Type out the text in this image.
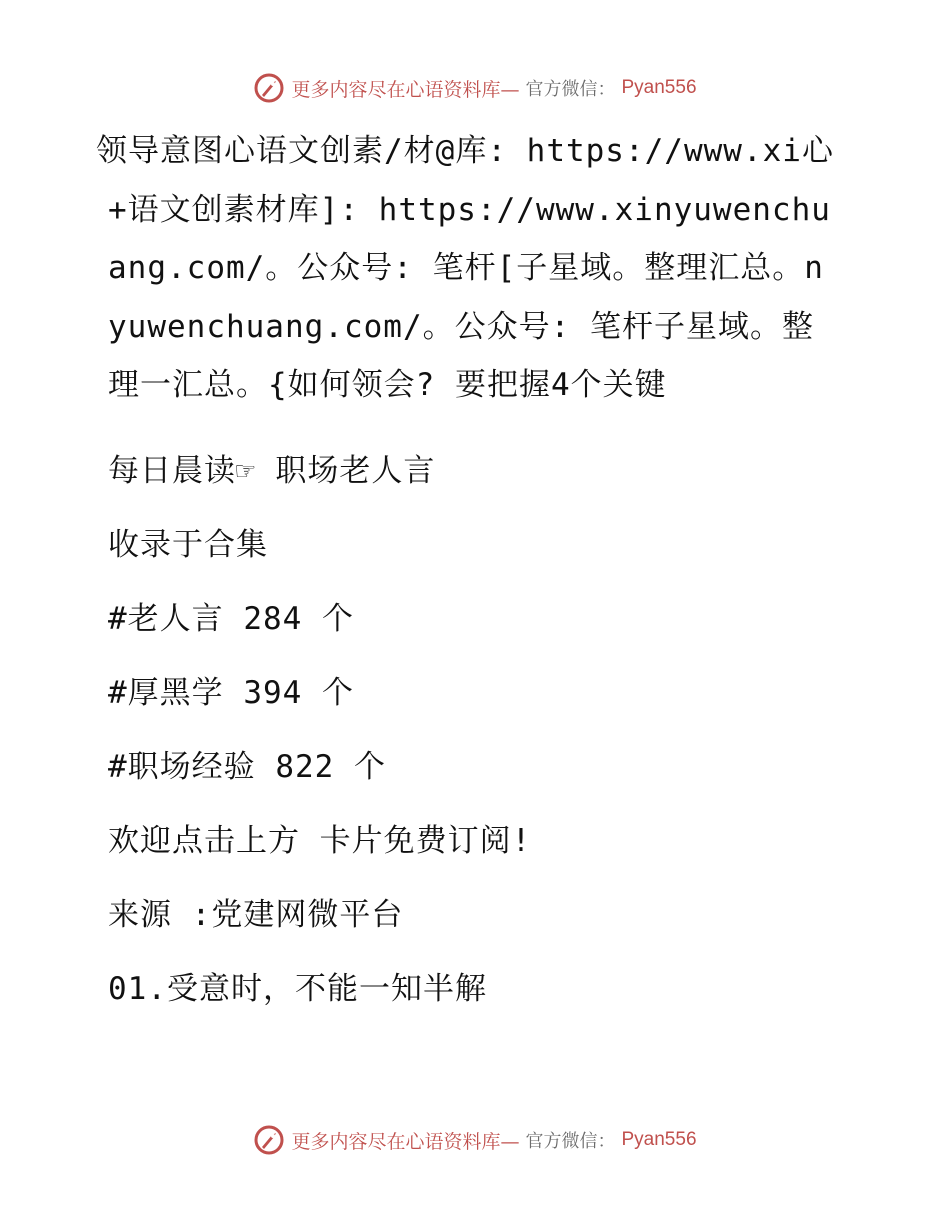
更多内容尽在心语资料库— 官方微信： Pyan556

领导意图心语文创素/材@库: https://www.xi心+语文创素材库]: https://www.xinyuwenchuang.com/。公众号: 笔杆[子星域。整理汇总。nyuwenchuang.com/。公众号: 笔杆子星域。整理一汇总。{如何领会? 要把握4个关键

每日晨读☞ 职场老人言

收录于合集

#老人言 284 个

#厚黑学 394 个

#职场经验 822 个

欢迎点击上方 卡片免费订阅!

来源 :党建网微平台

01.受意时，不能一知半解

更多内容尽在心语资料库— 官方微信： Pyan556
